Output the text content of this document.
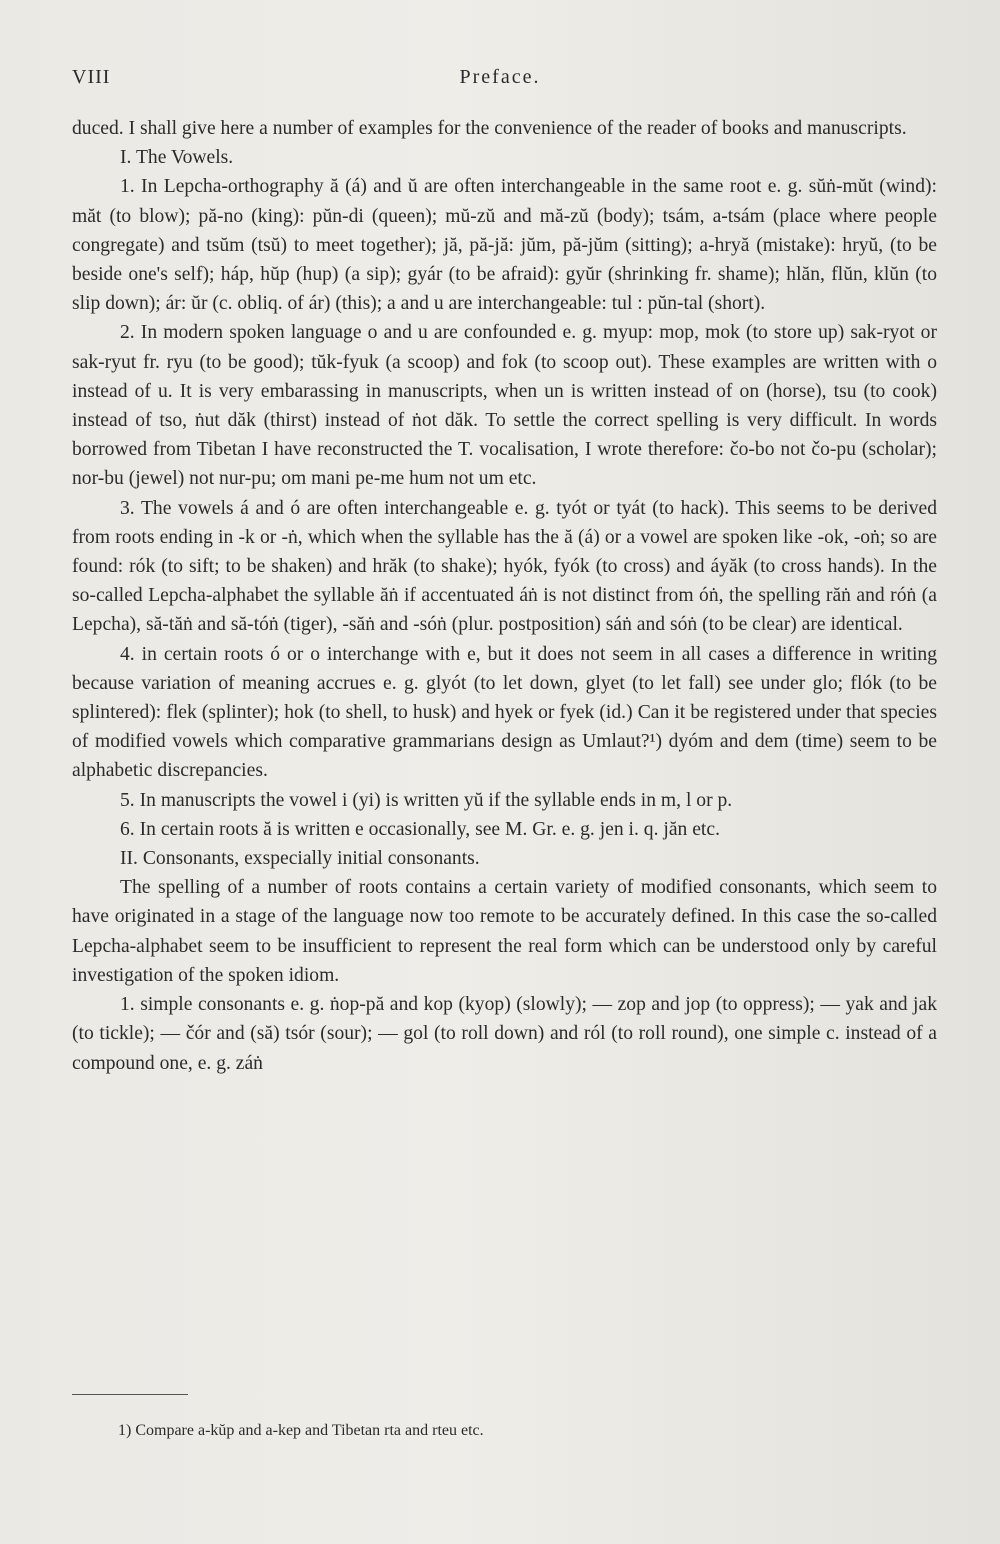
VIII	Preface.

duced. I shall give here a number of examples for the convenience of the reader of books and manuscripts.

I. The Vowels.

1. In Lepcha-orthography ă (á) and ŭ are often interchangeable in the same root e. g. sŭṅ-mŭt (wind): măt (to blow); pă-no (king): pŭn-di (queen); mŭ-zŭ and mă-zŭ (body); tsám, a-tsám (place where people congregate) and tsŭm (tsŭ) to meet together); jă, pă-jă: jŭm, pă-jŭm (sitting); a-hryă (mistake): hryŭ, (to be beside one's self); háp, hŭp (hup) (a sip); gyár (to be afraid): gyŭr (shrinking fr. shame); hlăn, flŭn, klŭn (to slip down); ár: ŭr (c. obliq. of ár) (this); a and u are interchangeable: tul : pŭn-tal (short).

2. In modern spoken language o and u are confounded e. g. myup: mop, mok (to store up) sak-ryot or sak-ryut fr. ryu (to be good); tŭk-fyuk (a scoop) and fok (to scoop out). These examples are written with o instead of u. It is very embarassing in manuscripts, when un is written instead of on (horse), tsu (to cook) instead of tso, ṅut dăk (thirst) instead of ṅot dăk. To settle the correct spelling is very difficult. In words borrowed from Tibetan I have reconstructed the T. vocalisation, I wrote therefore: čo-bo not čo-pu (scholar); nor-bu (jewel) not nur-pu; om mani pe-me hum not um etc.

3. The vowels á and ó are often interchangeable e. g. tyót or tyát (to hack). This seems to be derived from roots ending in -k or -ṅ, which when the syllable has the ă (á) or a vowel are spoken like -ok, -oṅ; so are found: rók (to sift; to be shaken) and hrăk (to shake); hyók, fyók (to cross) and áyăk (to cross hands). In the so-called Lepcha-alphabet the syllable ăṅ if accentuated áṅ is not distinct from óṅ, the spelling răṅ and róṅ (a Lepcha), să-tăṅ and să-tóṅ (tiger), -săṅ and -sóṅ (plur. postposition) sáṅ and sóṅ (to be clear) are identical.

4. in certain roots ó or o interchange with e, but it does not seem in all cases a difference in writing because variation of meaning accrues e. g. glyót (to let down, glyet (to let fall) see under glo; flók (to be splintered): flek (splinter); hok (to shell, to husk) and hyek or fyek (id.) Can it be registered under that species of modified vowels which comparative grammarians design as Umlaut?¹) dyóm and dem (time) seem to be alphabetic discrepancies.

5. In manuscripts the vowel i (yi) is written yŭ if the syllable ends in m, l or p.

6. In certain roots ă is written e occasionally, see M. Gr. e. g. jen i. q. jăn etc.

II. Consonants, exspecially initial consonants.

The spelling of a number of roots contains a certain variety of modified consonants, which seem to have originated in a stage of the language now too remote to be accurately defined. In this case the so-called Lepcha-alphabet seem to be insufficient to represent the real form which can be understood only by careful investigation of the spoken idiom.

1. simple consonants e. g. ṅop-pă and kop (kyop) (slowly); — zop and jop (to oppress); — yak and jak (to tickle); — čór and (să) tsór (sour); — gol (to roll down) and ról (to roll round), one simple c. instead of a compound one, e. g. záṅ

1) Compare a-kŭp and a-kep and Tibetan rta and rteu etc.
